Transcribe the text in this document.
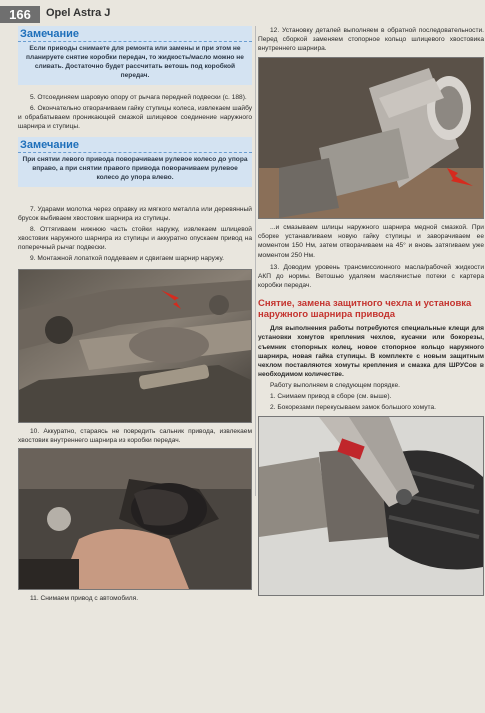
166	Opel Astra J
Замечание
Если приводы снимаете для ремонта или замены и при этом не планируете снятие коробки передач, то жидкость/масло можно не сливать. Достаточно будет рассчитать ветошь под коробкой передач.

5. Отсоединяем шаровую опору от рычага передней подвески (с. 188).

6. Окончательно отворачиваем гайку ступицы колеса, извлекаем шайбу и обрабатываем проникающей смазкой шлицевое соединение наружного шарнира и ступицы.

Замечание
При снятии левого привода поворачиваем рулевое колесо до упора вправо, а при снятии правого привода поворачиваем рулевое колесо до упора влево.

7. Ударами молотка через оправку из мягкого металла или деревянный брусок выбиваем хвостовик шарнира из ступицы.

8. Оттягиваем нижнюю часть стойки наружу, извлекаем шлицевой хвостовик наружного шарнира из ступицы и аккуратно опускаем привод на поперечный рычаг подвески.

9. Монтажной лопаткой поддеваем и сдвигаем шарнир наружу.

10. Аккуратно, стараясь не повредить сальник привода, извлекаем хвостовик внутреннего шарнира из коробки передач.

11. Снимаем привод с автомобиля.

12. Установку деталей выполняем в обратной последовательности. Перед сборкой заменяем стопорное кольцо шлицевого хвостовика внутреннего шарнира.

...и смазываем шлицы наружного шарнира медной смазкой. При сборке устанавливаем новую гайку ступицы и заворачиваем ее моментом 150 Нм, затем отворачиваем на 45° и вновь затягиваем уже моментом 250 Нм.

13. Доводим уровень трансмиссионного масла/рабочей жидкости АКП до нормы. Ветошью удаляем маслянистые потеки с картера коробки передач.

Снятие, замена защитного чехла и установка наружного шарнира привода

Для выполнения работы потребуются специальные клещи для установки хомутов крепления чехлов, кусачки или бокорезы, съемник стопорных колец, новое стопорное кольцо наружного шарнира, новая гайка ступицы. В комплекте с новым защитным чехлом поставляются хомуты крепления и смазка для ШРУСов в необходимом количестве.

Работу выполняем в следующем порядке.

1. Снимаем привод в сборе (см. выше).

2. Бокорезами перекусываем замок большого хомута.
